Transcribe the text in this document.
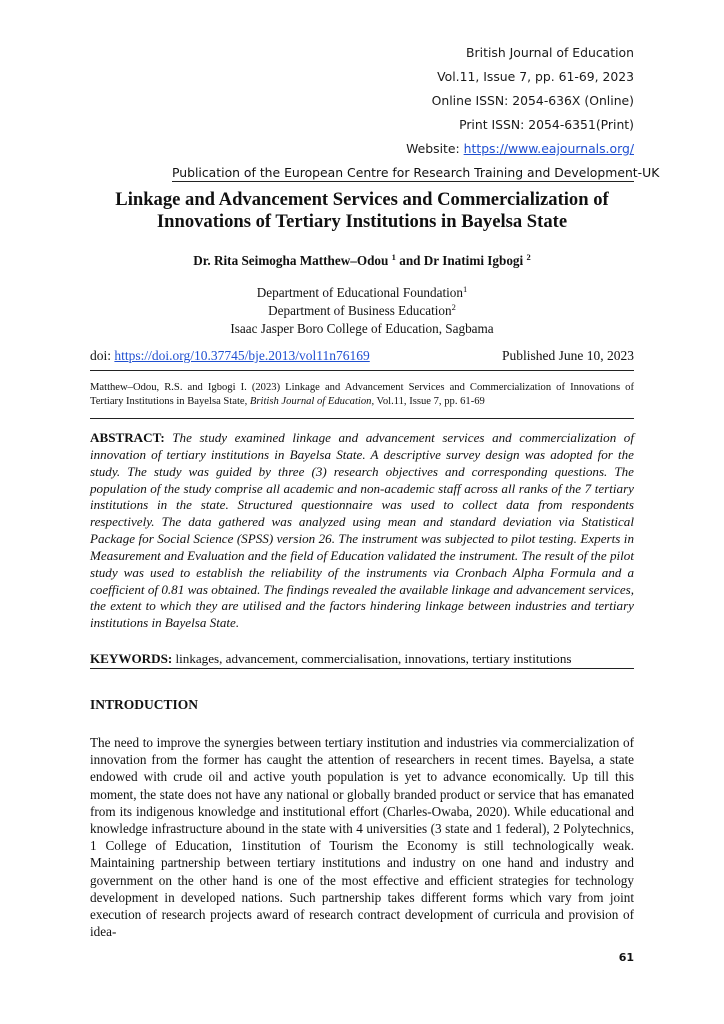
British Journal of Education
Vol.11, Issue 7, pp. 61-69, 2023
Online ISSN: 2054-636X (Online)
Print ISSN: 2054-6351(Print)
Website: https://www.eajournals.org/
Publication of the European Centre for Research Training and Development-UK
Linkage and Advancement Services and Commercialization of
Innovations of Tertiary Institutions in Bayelsa State
Dr. Rita Seimogha Matthew–Odou $^1$ and Dr Inatimi Igbogi $^2$
Department of Educational Foundation$^1$
Department of Business Education$^2$
Isaac Jasper Boro College of Education, Sagbama
doi: https://doi.org/10.37745/bje.2013/vol11n76169	Published June 10, 2023
Matthew–Odou, R.S. and Igbogi I. (2023) Linkage and Advancement Services and Commercialization of Innovations of Tertiary Institutions in Bayelsa State, British Journal of Education, Vol.11, Issue 7, pp. 61-69
ABSTRACT: The study examined linkage and advancement services and commercialization of innovation of tertiary institutions in Bayelsa State. A descriptive survey design was adopted for the study. The study was guided by three (3) research objectives and corresponding questions. The population of the study comprise all academic and non-academic staff across all ranks of the 7 tertiary institutions in the state. Structured questionnaire was used to collect data from respondents respectively. The data gathered was analyzed using mean and standard deviation via Statistical Package for Social Science (SPSS) version 26. The instrument was subjected to pilot testing. Experts in Measurement and Evaluation and the field of Education validated the instrument. The result of the pilot study was used to establish the reliability of the instruments via Cronbach Alpha Formula and a coefficient of 0.81 was obtained. The findings revealed the available linkage and advancement services, the extent to which they are utilised and the factors hindering linkage between industries and tertiary institutions in Bayelsa State.
KEYWORDS: linkages, advancement, commercialisation, innovations, tertiary institutions
INTRODUCTION
The need to improve the synergies between tertiary institution and industries via commercialization of innovation from the former has caught the attention of researchers in recent times. Bayelsa, a state endowed with crude oil and active youth population is yet to advance economically. Up till this moment, the state does not have any national or globally branded product or service that has emanated from its indigenous knowledge and institutional effort (Charles-Owaba, 2020). While educational and knowledge infrastructure abound in the state with 4 universities (3 state and 1 federal), 2 Polytechnics, 1 College of Education, 1institution of Tourism the Economy is still technologically weak. Maintaining partnership between tertiary institutions and industry on one hand and industry and government on the other hand is one of the most effective and efficient strategies for technology development in developed nations. Such partnership takes different forms which vary from joint execution of research projects award of research contract development of curricula and provision of idea-
61
